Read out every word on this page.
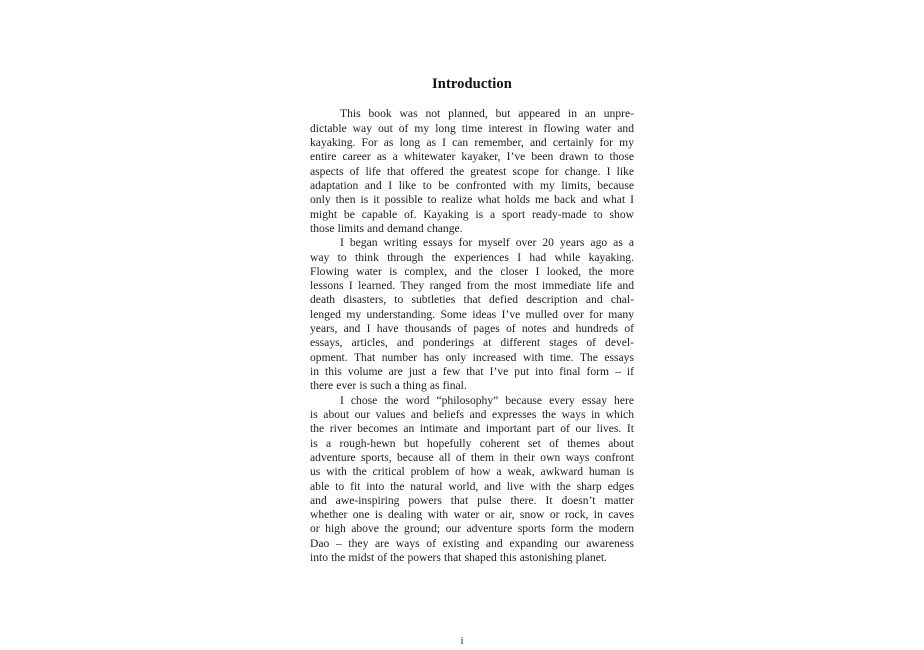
Introduction

This book was not planned, but appeared in an unpre-
dictable way out of my long time interest in flowing water and
kayaking. For as long as I can remember, and certainly for my
entire career as a whitewater kayaker, I’ve been drawn to those
aspects of life that offered the greatest scope for change. I like
adaptation and I like to be confronted with my limits, because
only then is it possible to realize what holds me back and what I
might be capable of. Kayaking is a sport ready-made to show
those limits and demand change.

I began writing essays for myself over 20 years ago as a
way to think through the experiences I had while kayaking.
Flowing water is complex, and the closer I looked, the more
lessons I learned. They ranged from the most immediate life and
death disasters, to subtleties that defied description and chal-
lenged my understanding. Some ideas I’ve mulled over for many
years, and I have thousands of pages of notes and hundreds of
essays, articles, and ponderings at different stages of devel-
opment. That number has only increased with time. The essays
in this volume are just a few that I’ve put into final form – if
there ever is such a thing as final.

I chose the word “philosophy” because every essay here
is about our values and beliefs and expresses the ways in which
the river becomes an intimate and important part of our lives. It
is a rough-hewn but hopefully coherent set of themes about
adventure sports, because all of them in their own ways confront
us with the critical problem of how a weak, awkward human is
able to fit into the natural world, and live with the sharp edges
and awe-inspiring powers that pulse there. It doesn’t matter
whether one is dealing with water or air, snow or rock, in caves
or high above the ground; our adventure sports form the modern
Dao – they are ways of existing and expanding our awareness
into the midst of the powers that shaped this astonishing planet.

i
